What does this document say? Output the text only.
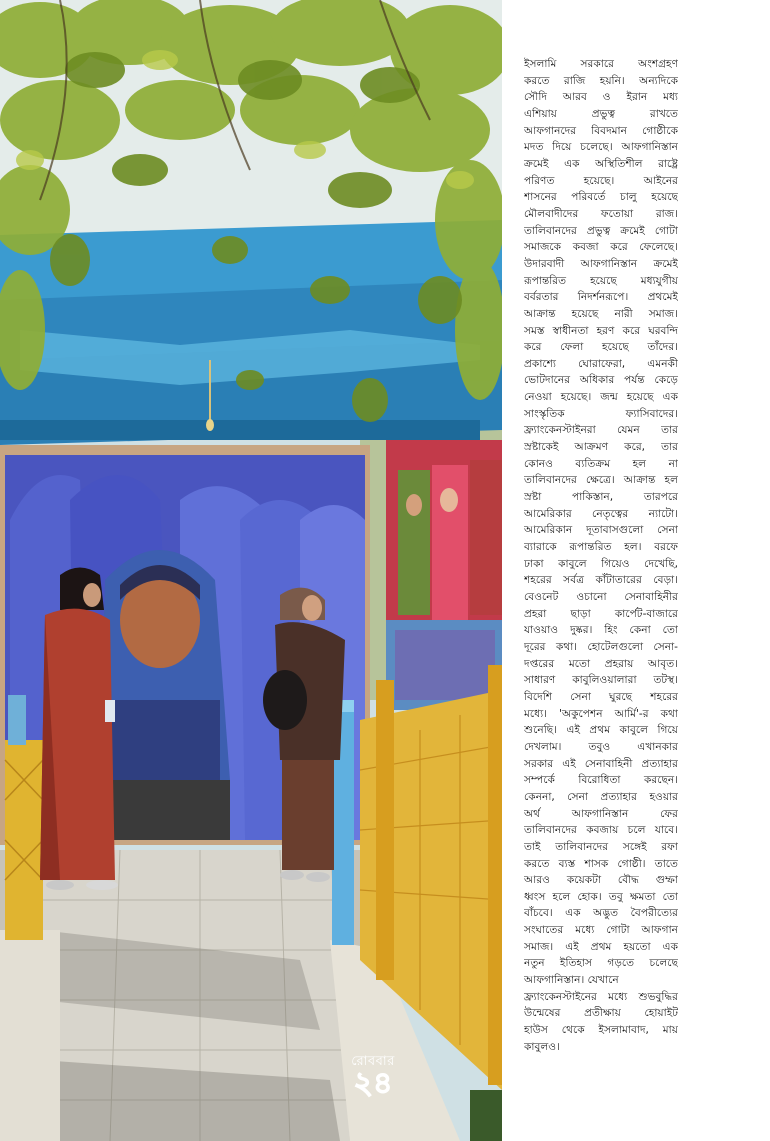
রোববার
২৪
ইসলামি সরকারে অংশগ্রহণ
করতে রাজি হয়নি। অন্যদিকে
সৌদি আরব ও ইরান মধ্য
এশিয়ায় প্রভুত্ব রাখতে
আফগানদের বিবদমান গোষ্ঠীকে
মদত দিয়ে চলেছে। আফগানিস্তান
ক্রমেই এক অস্থিতিশীল রাষ্ট্রে
পরিণত হয়েছে। আইনের
শাসনের পরিবর্তে চালু হয়েছে
মৌলবাদীদের ফতোয়া রাজ।
তালিবানদের প্রভুত্ব ক্রমেই গোটা
সমাজকে কবজা করে ফেলেছে।
উদারবাদী আফগানিস্তান ক্রমেই
রূপান্তরিত হয়েছে মধ্যযুগীয়
বর্বরতার নিদর্শনরূপে। প্রথমেই
আক্রান্ত হয়েছে নারী সমাজ।
সমস্ত স্বাধীনতা হরণ করে ঘরবন্দি
করে ফেলা হয়েছে তাঁদের।
প্রকাশ্যে ঘোরাফেরা, এমনকী
ভোটদানের অধিকার পর্যন্ত কেড়ে
নেওয়া হয়েছে। জন্ম হয়েছে এক
সাংস্কৃতিক ফ্যাসিবাদের।
ফ্র্যাংকেনস্টাইনরা যেমন তার
স্রষ্টাকেই আক্রমণ করে, তার
কোনও ব্যতিক্রম হল না
তালিবানদের ক্ষেত্রে। আক্রান্ত হল
স্রষ্টা পাকিস্তান, তারপরে
আমেরিকার নেতৃত্বের ন্যাটো।
আমেরিকান দূতাবাসগুলো সেনা
ব্যারাকে রূপান্তরিত হল। বরফে
ঢাকা কাবুলে গিয়েও দেখেছি,
শহরের সর্বত্র কাঁটাতারের বেড়া।
বেওনেট ওচানো সেনাবাহিনীর
প্রহরা ছাড়া কার্পেট-বাজারে
যাওয়াও দুষ্কর। হিং কেনা তো
দূরের কথা। হোটেলগুলো সেনা-
দপ্তরের মতো প্রহরায় আবৃত।
সাধারণ কাবুলিওয়ালারা তটস্থ।
বিদেশি সেনা ঘুরছে শহরের
মধ্যে। 'অকুপেশন আর্মি'-র কথা
শুনেছি। এই প্রথম কাবুলে গিয়ে
দেখলাম। তবুও এখানকার
সরকার এই সেনাবাহিনী প্রত্যাহার
সম্পর্কে বিরোধিতা করছেন।
কেননা, সেনা প্রত্যাহার হওয়ার
অর্থ আফগানিস্তান ফের
তালিবানদের কবজায় চলে যাবে।
তাই তালিবানদের সঙ্গেই রফা
করতে ব্যস্ত শাসক গোষ্ঠী। তাতে
আরও কয়েকটা বৌদ্ধ গুম্ফা
ধ্বংস হলে হোক। তবু ক্ষমতা তো
বাঁচবে। এক অদ্ভুত বৈপরীত্যের
সংঘাতের মধ্যে গোটা আফগান
সমাজ। এই প্রথম হয়তো এক
নতুন ইতিহাস গড়তে চলেছে
আফগানিস্তান। যেখানে
ফ্র্যাংকেনস্টাইনের মধ্যে শুভবুদ্ধির
উন্মেষের প্রতীক্ষায় হোয়াইট
হাউস থেকে ইসলামাবাদ, মায়
কাবুলও।
